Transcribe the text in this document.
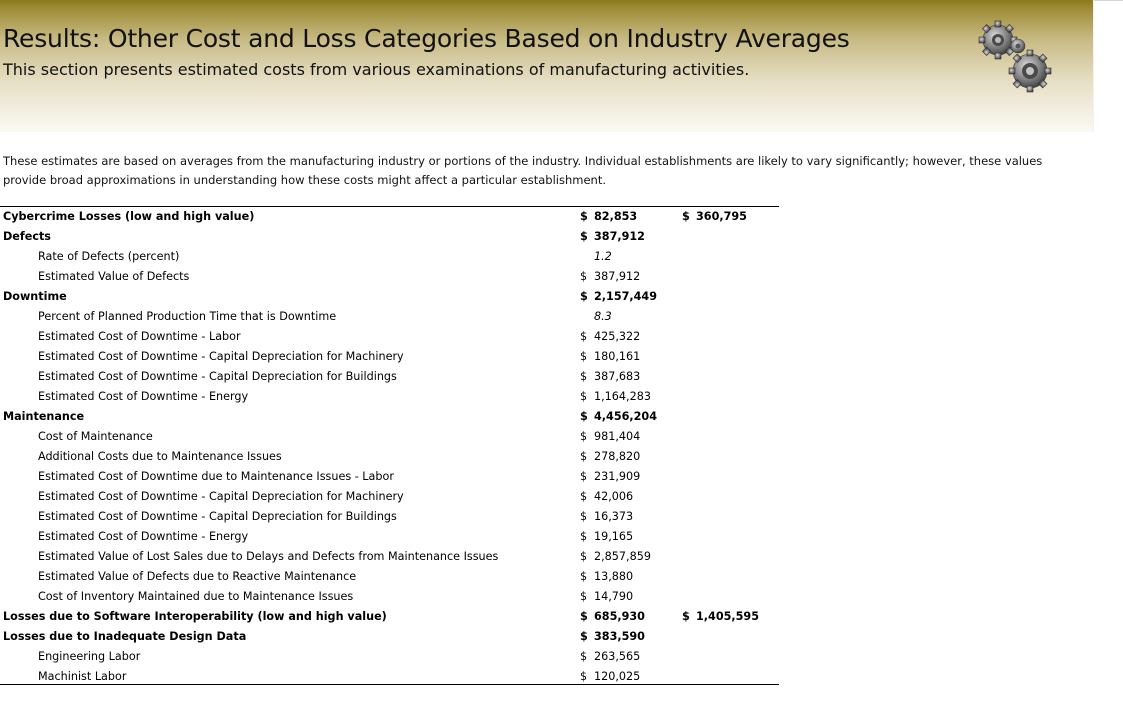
Results: Other Cost and Loss Categories Based on Industry Averages
This section presents estimated costs from various examinations of manufacturing activities.
These estimates are based on averages from the manufacturing industry or portions of the industry. Individual establishments are likely to vary significantly; however, these values provide broad approximations in understanding how these costs might affect a particular establishment.
Cybercrime Losses (low and high value)	$ 82,853	$ 360,795
Defects	$ 387,912
Rate of Defects (percent)	1.2
Estimated Value of Defects	$ 387,912
Downtime	$ 2,157,449
Percent of Planned Production Time that is Downtime	8.3
Estimated Cost of Downtime - Labor	$ 425,322
Estimated Cost of Downtime - Capital Depreciation for Machinery	$ 180,161
Estimated Cost of Downtime - Capital Depreciation for Buildings	$ 387,683
Estimated Cost of Downtime - Energy	$ 1,164,283
Maintenance	$ 4,456,204
Cost of Maintenance	$ 981,404
Additional Costs due to Maintenance Issues	$ 278,820
Estimated Cost of Downtime due to Maintenance Issues - Labor	$ 231,909
Estimated Cost of Downtime - Capital Depreciation for Machinery	$ 42,006
Estimated Cost of Downtime - Capital Depreciation for Buildings	$ 16,373
Estimated Cost of Downtime - Energy	$ 19,165
Estimated Value of Lost Sales due to Delays and Defects from Maintenance Issues	$ 2,857,859
Estimated Value of Defects due to Reactive Maintenance	$ 13,880
Cost of Inventory Maintained due to Maintenance Issues	$ 14,790
Losses due to Software Interoperability (low and high value)	$ 685,930	$ 1,405,595
Losses due to Inadequate Design Data	$ 383,590
Engineering Labor	$ 263,565
Machinist Labor	$ 120,025
